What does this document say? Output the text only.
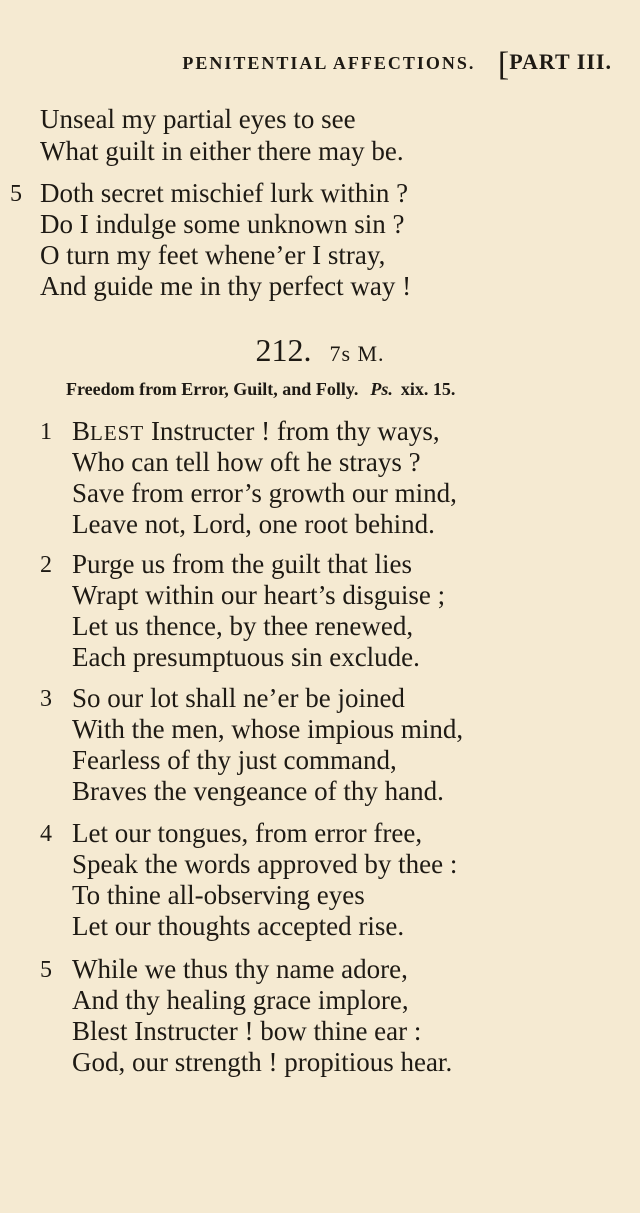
PENITENTIAL AFFECTIONS. [PART III.
Unseal my partial eyes to see
What guilt in either there may be.
5 Doth secret mischief lurk within ?
Do I indulge some unknown sin ?
O turn my feet whene’er I stray,
And guide me in thy perfect way !
212. 7s M.
Freedom from Error, Guilt, and Folly. Ps. xix. 15.
1 BLEST Instructer ! from thy ways,
Who can tell how oft he strays ?
Save from error’s growth our mind,
Leave not, Lord, one root behind.
2 Purge us from the guilt that lies
Wrapt within our heart’s disguise ;
Let us thence, by thee renewed,
Each presumptuous sin exclude.
3 So our lot shall ne’er be joined
With the men, whose impious mind,
Fearless of thy just command,
Braves the vengeance of thy hand.
4 Let our tongues, from error free,
Speak the words approved by thee :
To thine all-observing eyes
Let our thoughts accepted rise.
5 While we thus thy name adore,
And thy healing grace implore,
Blest Instructer ! bow thine ear :
God, our strength ! propitious hear.
